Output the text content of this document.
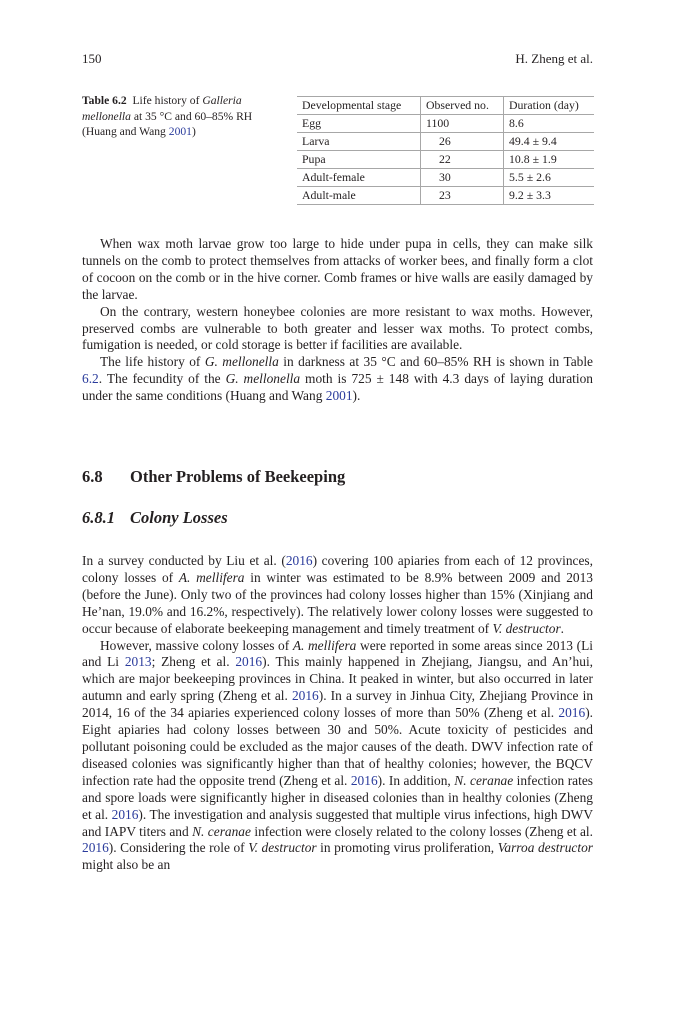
150	H. Zheng et al.
Table 6.2 Life history of Galleria mellonella at 35 °C and 60–85% RH (Huang and Wang 2001)
Developmental stage	Observed no.	Duration (day)
Egg	1100	8.6
Larva	26	49.4 ± 9.4
Pupa	22	10.8 ± 1.9
Adult-female	30	5.5 ± 2.6
Adult-male	23	9.2 ± 3.3

When wax moth larvae grow too large to hide under pupa in cells, they can make silk tunnels on the comb to protect themselves from attacks of worker bees, and finally form a clot of cocoon on the comb or in the hive corner. Comb frames or hive walls are easily damaged by the larvae.

On the contrary, western honeybee colonies are more resistant to wax moths. However, preserved combs are vulnerable to both greater and lesser wax moths. To protect combs, fumigation is needed, or cold storage is better if facilities are available.

The life history of G. mellonella in darkness at 35 °C and 60–85% RH is shown in Table 6.2. The fecundity of the G. mellonella moth is 725 ± 148 with 4.3 days of laying duration under the same conditions (Huang and Wang 2001).

6.8 Other Problems of Beekeeping
6.8.1 Colony Losses

In a survey conducted by Liu et al. (2016) covering 100 apiaries from each of 12 provinces, colony losses of A. mellifera in winter was estimated to be 8.9% between 2009 and 2013 (before the June). Only two of the provinces had colony losses higher than 15% (Xinjiang and He’nan, 19.0% and 16.2%, respectively). The relatively lower colony losses were suggested to occur because of elaborate beekeeping management and timely treatment of V. destructor.

However, massive colony losses of A. mellifera were reported in some areas since 2013 (Li and Li 2013; Zheng et al. 2016). This mainly happened in Zhejiang, Jiangsu, and An’hui, which are major beekeeping provinces in China. It peaked in winter, but also occurred in later autumn and early spring (Zheng et al. 2016). In a survey in Jinhua City, Zhejiang Province in 2014, 16 of the 34 apiaries experienced colony losses of more than 50% (Zheng et al. 2016). Eight apiaries had colony losses between 30 and 50%. Acute toxicity of pesticides and pollutant poisoning could be excluded as the major causes of the death. DWV infection rate of diseased colonies was significantly higher than that of healthy colonies; however, the BQCV infection rate had the opposite trend (Zheng et al. 2016). In addition, N. ceranae infection rates and spore loads were significantly higher in diseased colonies than in healthy colonies (Zheng et al. 2016). The investigation and analysis suggested that multiple virus infections, high DWV and IAPV titers and N. ceranae infection were closely related to the colony losses (Zheng et al. 2016). Considering the role of V. destructor in promoting virus proliferation, Varroa destructor might also be an
